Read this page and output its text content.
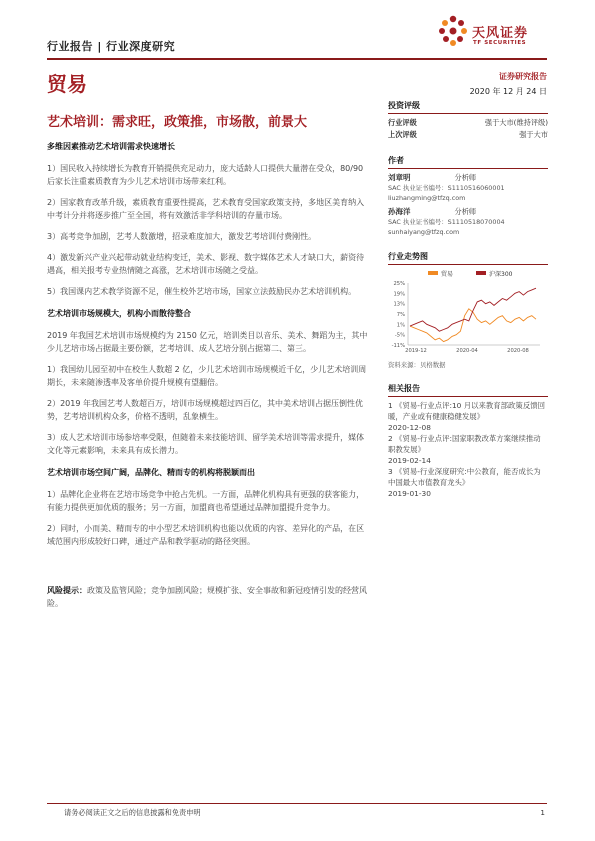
行业报告 | 行业深度研究
天风证券
TF SECURITIES
贸易	证券研究报告
2020 年 12 月 24 日
艺术培训：需求旺，政策推，市场散，前景大
多维因素推动艺术培训需求快速增长
1）国民收入持续增长为教育开销提供充足动力，庞大适龄人口提供大量潜在受众，80/90 后家长注重素质教育为少儿艺术培训市场带来红利。
2）国家教育改革升级，素质教育重要性提高，艺术教育受国家政策支持，多地区美育纳入中考计分并将逐步推广至全国，将有效激活非学科培训的存量市场。
3）高考竞争加剧，艺考人数激增，招录难度加大，激发艺考培训付费刚性。
4）激发新兴产业兴起带动就业结构变迁，美术、影视、数字媒体艺术人才缺口大，薪资待遇高，相关报考专业热情随之高涨，艺术培训市场随之受益。
5）我国课内艺术教学资源不足，催生校外艺培市场，国家立法鼓励民办艺术培训机构。
艺术培训市场规模大，机构小而散待整合
2019 年我国艺术培训市场规模约为 2150 亿元，培训类目以音乐、美术、舞蹈为主，其中少儿艺培市场占据最主要份额，艺考培训、成人艺培分别占据第二、第三。
1）我国幼儿园至初中在校生人数超 2 亿，少儿艺术培训市场规模近千亿，少儿艺术培训周期长，未来随渗透率及客单价提升规模有望翻倍。
2）2019 年我国艺考人数超百万，培训市场规模超过四百亿，其中美术培训占据压倒性优势，艺考培训机构众多，价格不透明，乱象横生。
3）成人艺术培训市场参培率受限，但随着未来技能培训、留学美术培训等需求提升，媒体文化等元素影响，未来具有成长潜力。
艺术培训市场空间广阔，品牌化、精而专的机构将脱颖而出
1）品牌化企业将在艺培市场竞争中抢占先机。一方面，品牌化机构具有更强的获客能力，有能力提供更加优质的服务；另一方面，加盟商也希望通过品牌加盟提升竞争力。
2）同时，小而美、精而专的中小型艺术培训机构也能以优质的内容、差异化的产品，在区域范围内形成较好口碑，通过产品和教学驱动的路径突围。
风险提示：政策及监管风险；竞争加剧风险；规模扩张、安全事故和新冠疫情引发的经营风险。
投资评级
行业评级	强于大市(维持评级)
上次评级	强于大市
作者
刘章明	分析师
SAC 执业证书编号：S1110516060001
liuzhangming@tfzq.com
孙海洋	分析师
SAC 执业证书编号：S1110518070004
sunhaiyang@tfzq.com
行业走势图
贸易	沪深300
25%
19%
13%
7%
1%
-5%
-11%
2019-12	2020-04	2020-08
资料来源：贝格数据
相关报告
1 《贸易-行业点评:10 月以来教育部政策反馈回暖，产业或有健康稳健发展》
2020-12-08
2 《贸易-行业点评:国家职教改革方案继续推动职教发展》
2019-02-14
3 《贸易-行业深度研究:中公教育，能否成长为中国最大市值教育龙头》
2019-01-30
请务必阅读正文之后的信息披露和免责申明	1
